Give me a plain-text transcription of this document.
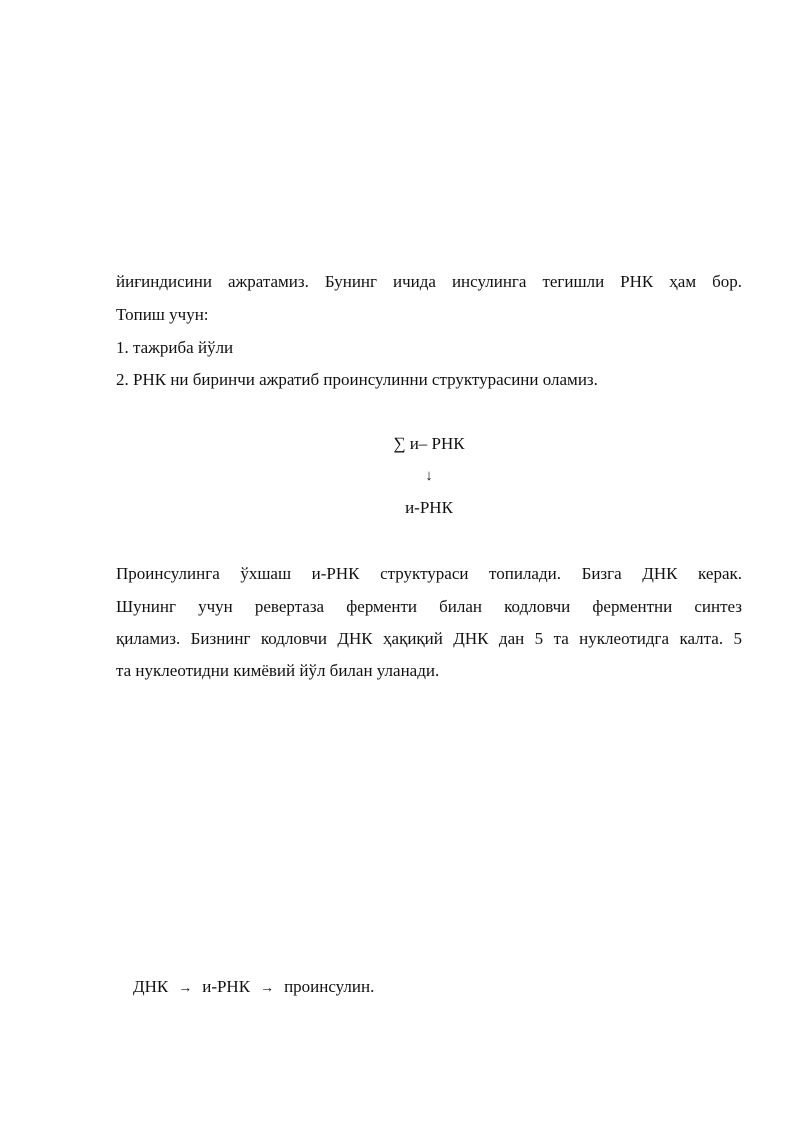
йиғиндисини ажратамиз. Бунинг ичида инсулинга тегишли РНК ҳам бор.
Топиш учун:
1. тажриба йўли
2. РНК ни биринчи ажратиб проинсулинни структурасини оламиз.
∑ и– РНК
↓
и-РНК
Проинсулинга ўхшаш и-РНК структураси топилади. Бизга ДНК керак.
Шунинг учун ревертаза ферменти билан кодловчи ферментни синтез
қиламиз. Бизнинг кодловчи ДНК ҳақиқий ДНК дан 5 та нуклеотидга калта. 5
та нуклеотидни кимёвий йўл билан уланади.

ДНК → и-РНК → проинсулин.
